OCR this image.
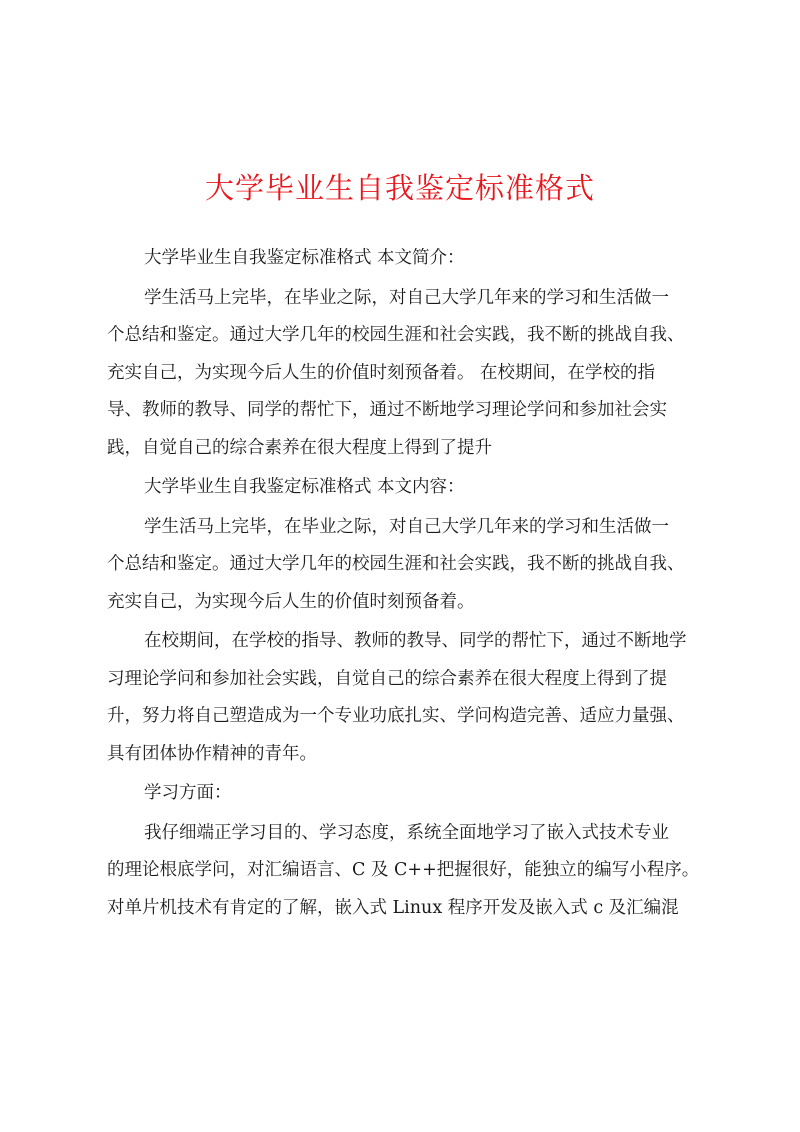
大学毕业生自我鉴定标准格式
大学毕业生自我鉴定标准格式 本文简介：
学生活马上完毕，在毕业之际，对自己大学几年来的学习和生活做一
个总结和鉴定。通过大学几年的校园生涯和社会实践，我不断的挑战自我、
充实自己，为实现今后人生的价值时刻预备着。 在校期间，在学校的指
导、教师的教导、同学的帮忙下，通过不断地学习理论学问和参加社会实
践，自觉自己的综合素养在很大程度上得到了提升
大学毕业生自我鉴定标准格式 本文内容：
学生活马上完毕，在毕业之际，对自己大学几年来的学习和生活做一
个总结和鉴定。通过大学几年的校园生涯和社会实践，我不断的挑战自我、
充实自己，为实现今后人生的价值时刻预备着。
在校期间，在学校的指导、教师的教导、同学的帮忙下，通过不断地学
习理论学问和参加社会实践，自觉自己的综合素养在很大程度上得到了提
升，努力将自己塑造成为一个专业功底扎实、学问构造完善、适应力量强、
具有团体协作精神的青年。
学习方面：
我仔细端正学习目的、学习态度，系统全面地学习了嵌入式技术专业
的理论根底学问，对汇编语言、C 及 C++把握很好，能独立的编写小程序。
对单片机技术有肯定的了解，嵌入式 Linux 程序开发及嵌入式 c 及汇编混
